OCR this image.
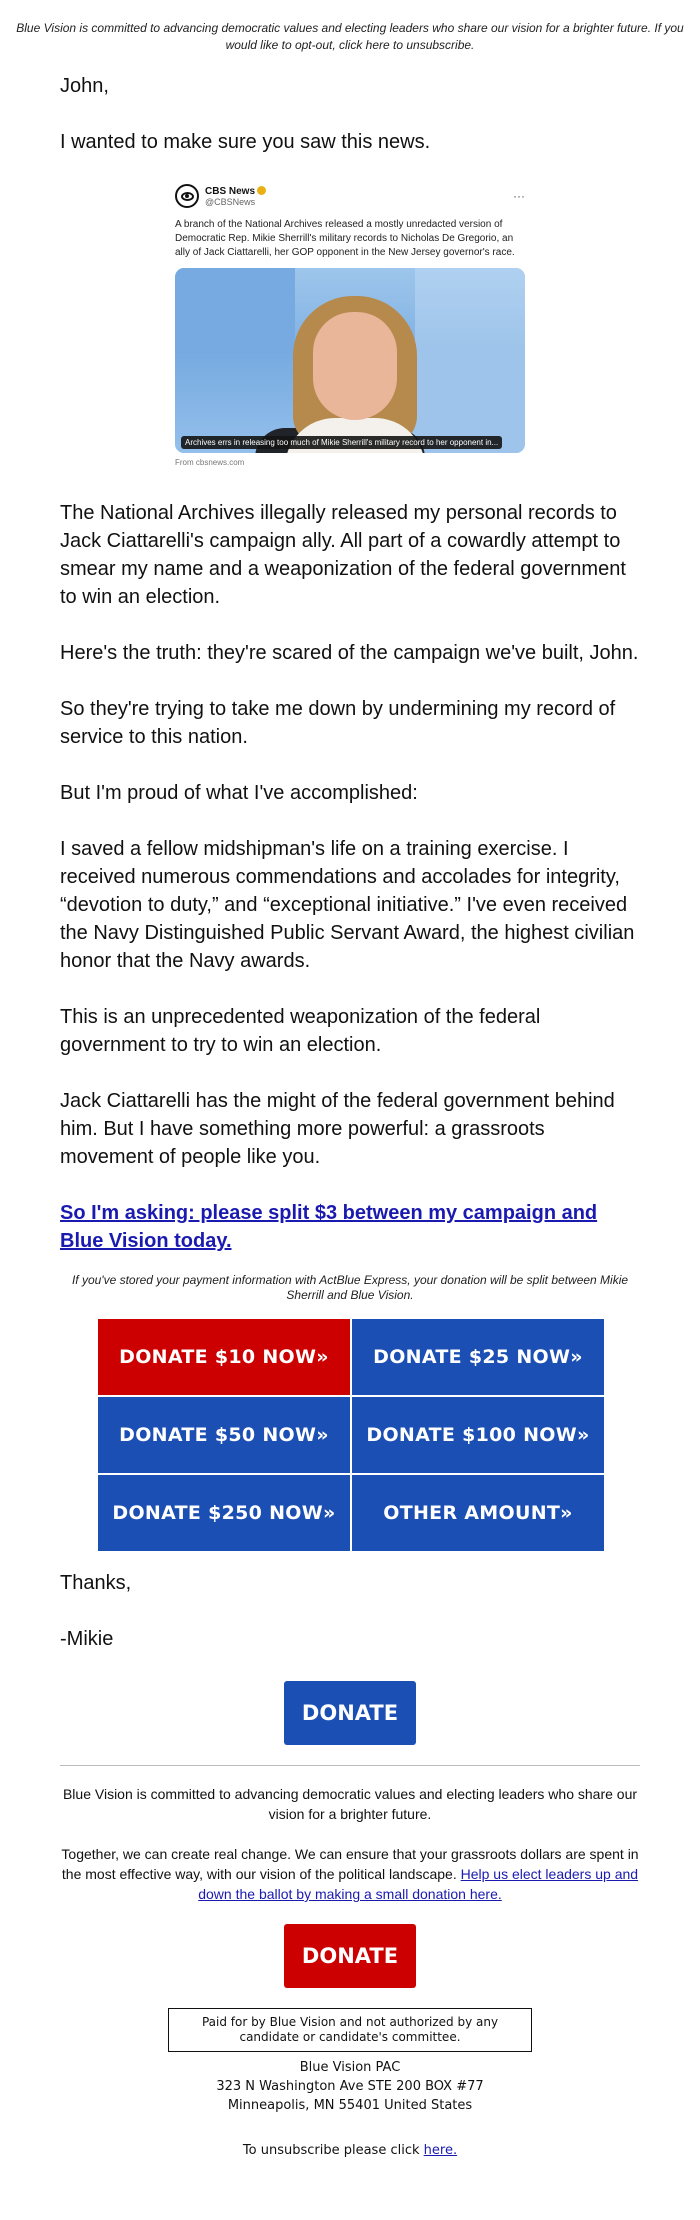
Blue Vision is committed to advancing democratic values and electing leaders who share our vision for a brighter future. If you would like to opt-out, click here to unsubscribe.

John,

I wanted to make sure you saw this news.

CBS News
@CBSNews	···
A branch of the National Archives released a mostly unredacted version of Democratic Rep. Mikie Sherrill's military records to Nicholas De Gregorio, an ally of Jack Ciattarelli, her GOP opponent in the New Jersey governor's race.
Archives errs in releasing too much of Mikie Sherrill's military record to her opponent in...
From cbsnews.com

The National Archives illegally released my personal records to Jack Ciattarelli's campaign ally. All part of a cowardly attempt to smear my name and a weaponization of the federal government to win an election.

Here's the truth: they're scared of the campaign we've built, John.

So they're trying to take me down by undermining my record of service to this nation.

But I'm proud of what I've accomplished:

I saved a fellow midshipman's life on a training exercise. I received numerous commendations and accolades for integrity, “devotion to duty,” and “exceptional initiative.” I've even received the Navy Distinguished Public Servant Award, the highest civilian honor that the Navy awards.

This is an unprecedented weaponization of the federal government to try to win an election.

Jack Ciattarelli has the might of the federal government behind him. But I have something more powerful: a grassroots movement of people like you.

So I'm asking: please split $3 between my campaign and Blue Vision today.
If you've stored your payment information with ActBlue Express, your donation will be split between Mikie Sherrill and Blue Vision.
DONATE $10 NOW»	DONATE $25 NOW»
DONATE $50 NOW»	DONATE $100 NOW»
DONATE $250 NOW»	OTHER AMOUNT»

Thanks,

-Mikie

DONATE

Blue Vision is committed to advancing democratic values and electing leaders who share our vision for a brighter future.

Together, we can create real change. We can ensure that your grassroots dollars are spent in the most effective way, with our vision of the political landscape. Help us elect leaders up and down the ballot by making a small donation here.

DONATE
Paid for by Blue Vision and not authorized by any candidate or candidate's committee.
Blue Vision PAC
323 N Washington Ave STE 200 BOX #77
Minneapolis, MN 55401 United States
To unsubscribe please click here.
